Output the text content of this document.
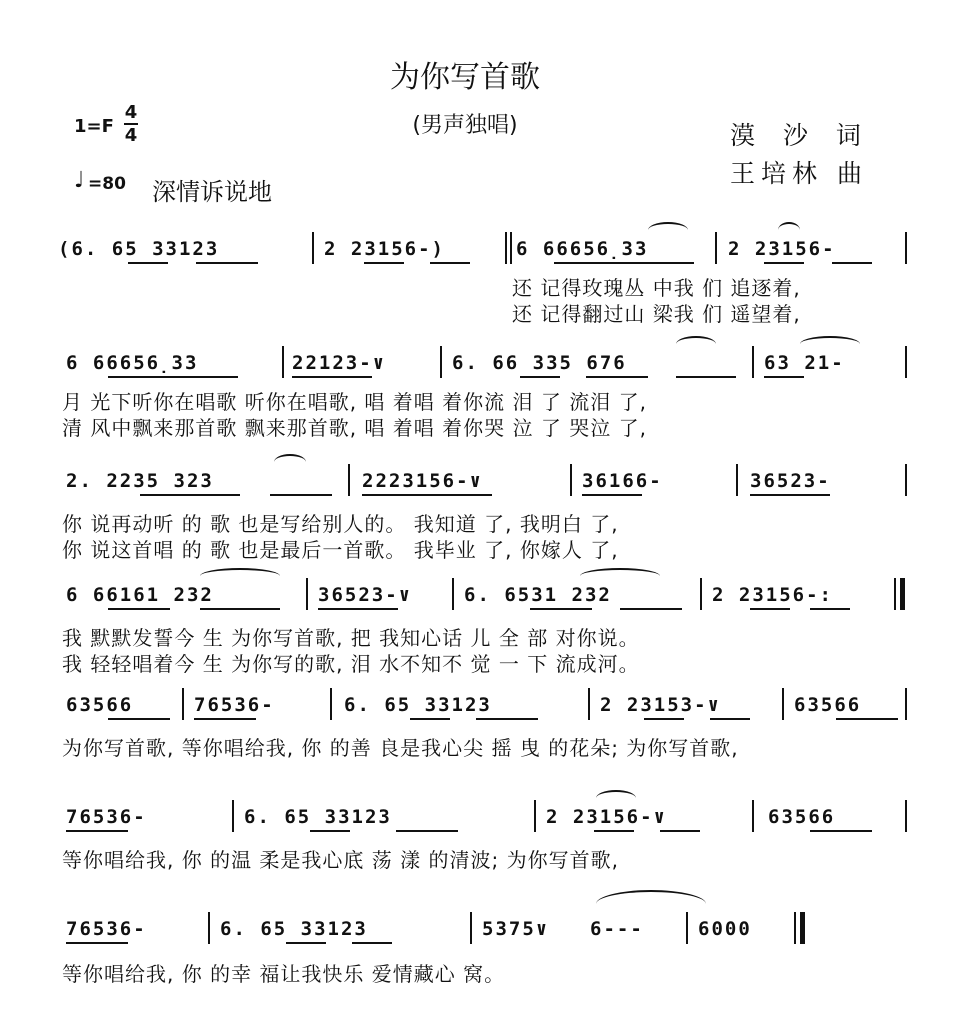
为你写首歌
(男声独唱)	漠 沙 词
王培林 曲
1=F
4
4
♩ =80 深情诉说地
(6. 65 33123	2 23156-)	6 66656̣33	2 23156-
还 记得玫瑰丛 中我 们 追逐着,
还 记得翻过山 梁我 们 遥望着,
6 66656̣33	22123-∨	6. 66 335 676	63 21-
月 光下听你在唱歌 听你在唱歌, 唱 着唱 着你流 泪 了 流泪 了,
清 风中飘来那首歌 飘来那首歌, 唱 着唱 着你哭 泣 了 哭泣 了,
2. 2235 323	2223156-∨	36166-	36523-
你 说再动听 的 歌 也是写给别人的。 我知道 了, 我明白 了,
你 说这首唱 的 歌 也是最后一首歌。 我毕业 了, 你嫁人 了,
6 66161 232	36523-∨	6. 6531 232	2 23156-:
我 默默发誓今 生 为你写首歌, 把 我知心话 儿 全 部 对你说。
我 轻轻唱着今 生 为你写的歌, 泪 水不知不 觉 一 下 流成河。
63566	76536-	6. 65 33123	2 23153-∨	63566
为你写首歌, 等你唱给我, 你 的善 良是我心尖 摇 曳 的花朵; 为你写首歌,
76536-	6. 65 33123	2 23156-∨	63566
等你唱给我, 你 的温 柔是我心底 荡 漾 的清波; 为你写首歌,
76536-	6. 65 33123	5375∨ 6---	6000
等你唱给我, 你 的幸 福让我快乐 爱情藏心 窝。
